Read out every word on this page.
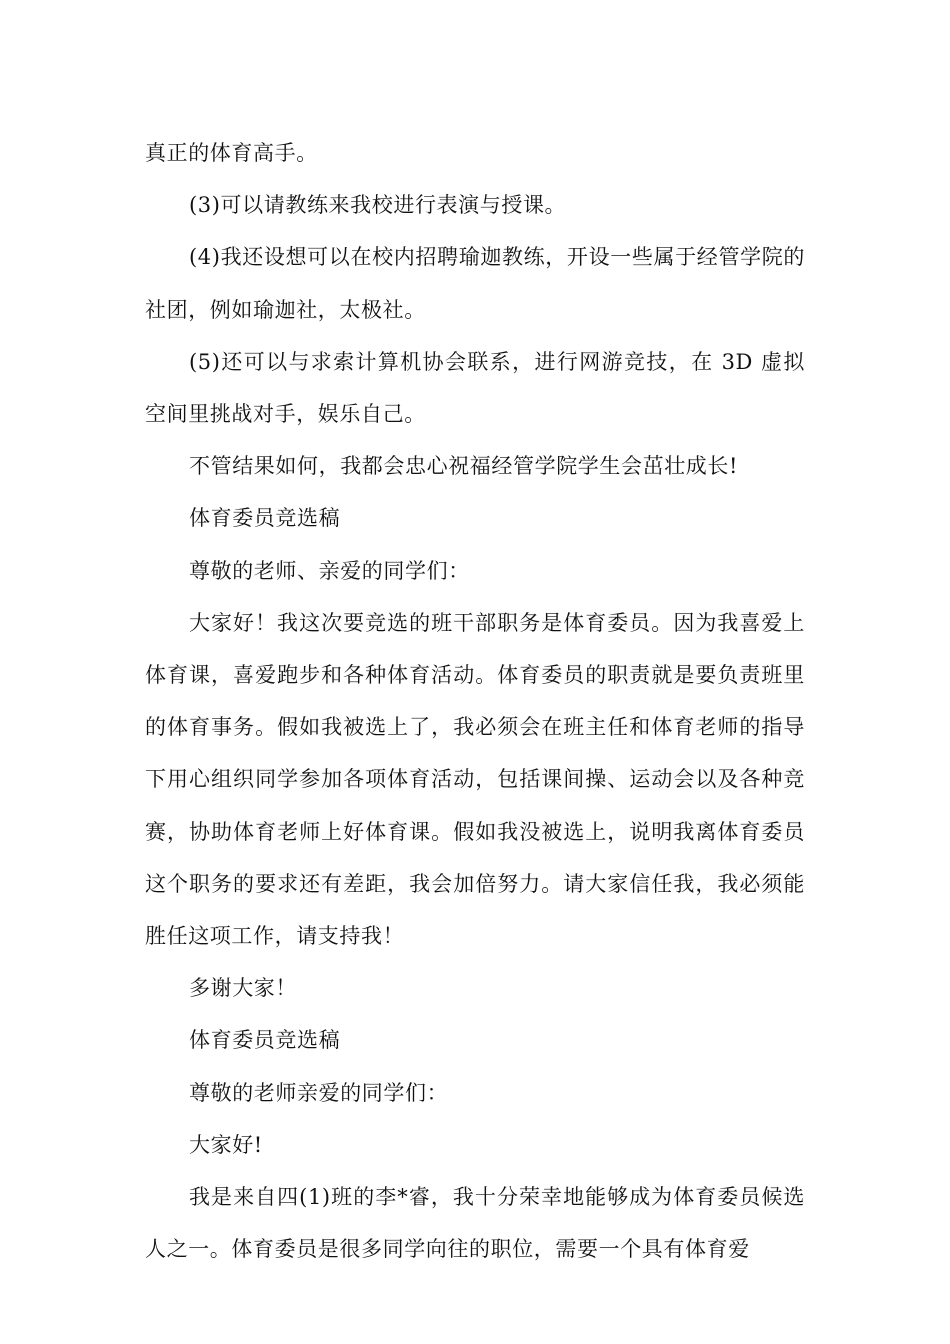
真正的体育高手。

(3)可以请教练来我校进行表演与授课。

(4)我还设想可以在校内招聘瑜迦教练，开设一些属于经管学院的社团，例如瑜迦社，太极社。

(5)还可以与求索计算机协会联系，进行网游竞技，在 3D 虚拟空间里挑战对手，娱乐自己。

不管结果如何，我都会忠心祝福经管学院学生会茁壮成长!

体育委员竞选稿

尊敬的老师、亲爱的同学们：

大家好！我这次要竞选的班干部职务是体育委员。因为我喜爱上体育课，喜爱跑步和各种体育活动。体育委员的职责就是要负责班里的体育事务。假如我被选上了，我必须会在班主任和体育老师的指导下用心组织同学参加各项体育活动，包括课间操、运动会以及各种竞赛，协助体育老师上好体育课。假如我没被选上，说明我离体育委员这个职务的要求还有差距，我会加倍努力。请大家信任我，我必须能胜任这项工作，请支持我！

多谢大家！

体育委员竞选稿

尊敬的老师亲爱的同学们：

大家好!

我是来自四(1)班的李*睿，我十分荣幸地能够成为体育委员候选人之一。体育委员是很多同学向往的职位，需要一个具有体育爱
